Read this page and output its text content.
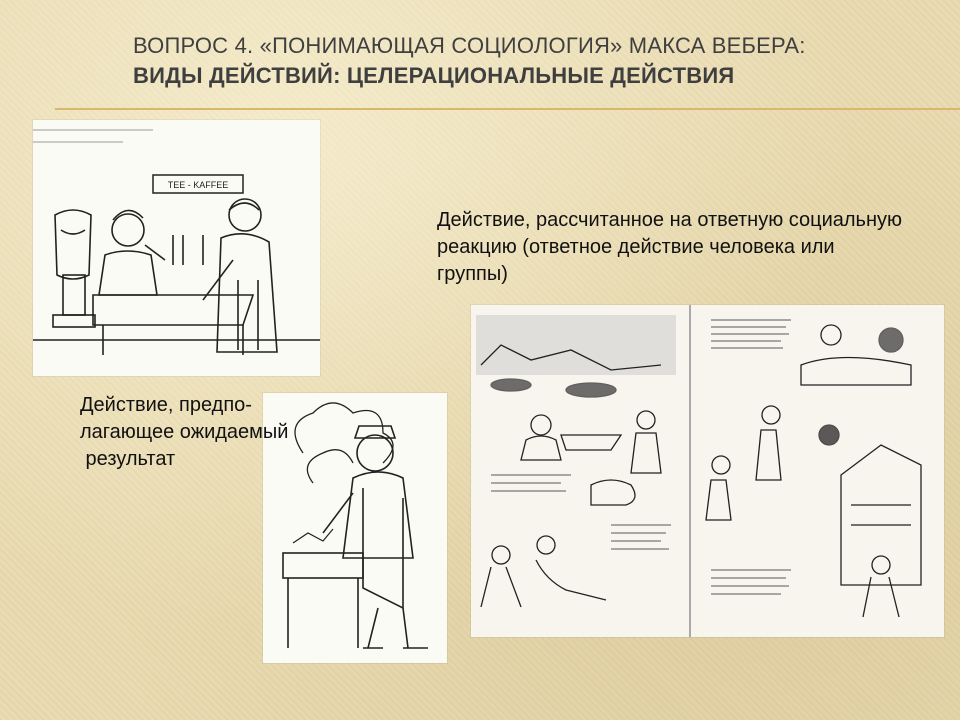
ВОПРОС 4. «ПОНИМАЮЩАЯ СОЦИОЛОГИЯ» МАКСА ВЕБЕРА:
ВИДЫ ДЕЙСТВИЙ: ЦЕЛЕРАЦИОНАЛЬНЫЕ ДЕЙСТВИЯ
TEE - KAFFEE
Действие, рассчитанное на ответную социальную реакцию (ответное действие человека или группы)
Действие, предпо-
лагающее ожидаемый
результат
